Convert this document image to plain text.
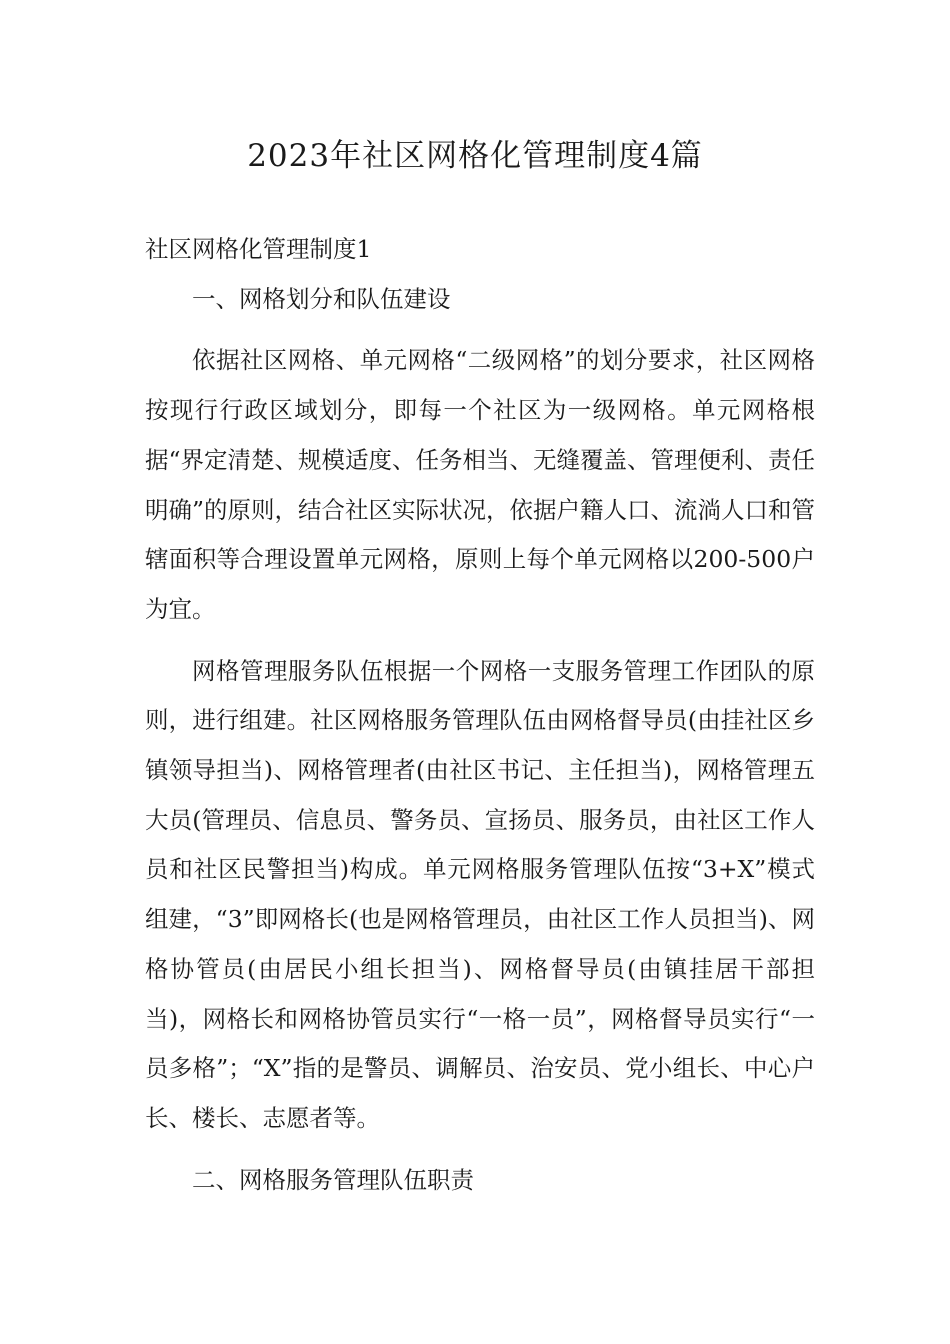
2023年社区网格化管理制度4篇

社区网格化管理制度1

一、网格划分和队伍建设

依据社区网格、单元网格“二级网格”的划分要求，社区网格按现行行政区域划分，即每一个社区为一级网格。单元网格根据“界定清楚、规模适度、任务相当、无缝覆盖、管理便利、责任明确”的原则，结合社区实际状况，依据户籍人口、流淌人口和管辖面积等合理设置单元网格，原则上每个单元网格以200-500户为宜。

网格管理服务队伍根据一个网格一支服务管理工作团队的原则，进行组建。社区网格服务管理队伍由网格督导员(由挂社区乡镇领导担当)、网格管理者(由社区书记、主任担当)，网格管理五大员(管理员、信息员、警务员、宣扬员、服务员，由社区工作人员和社区民警担当)构成。单元网格服务管理队伍按“3+X”模式组建，“3”即网格长(也是网格管理员，由社区工作人员担当)、网格协管员(由居民小组长担当)、网格督导员(由镇挂居干部担当)，网格长和网格协管员实行“一格一员”，网格督导员实行“一员多格”；“X”指的是警员、调解员、治安员、党小组长、中心户长、楼长、志愿者等。

二、网格服务管理队伍职责
